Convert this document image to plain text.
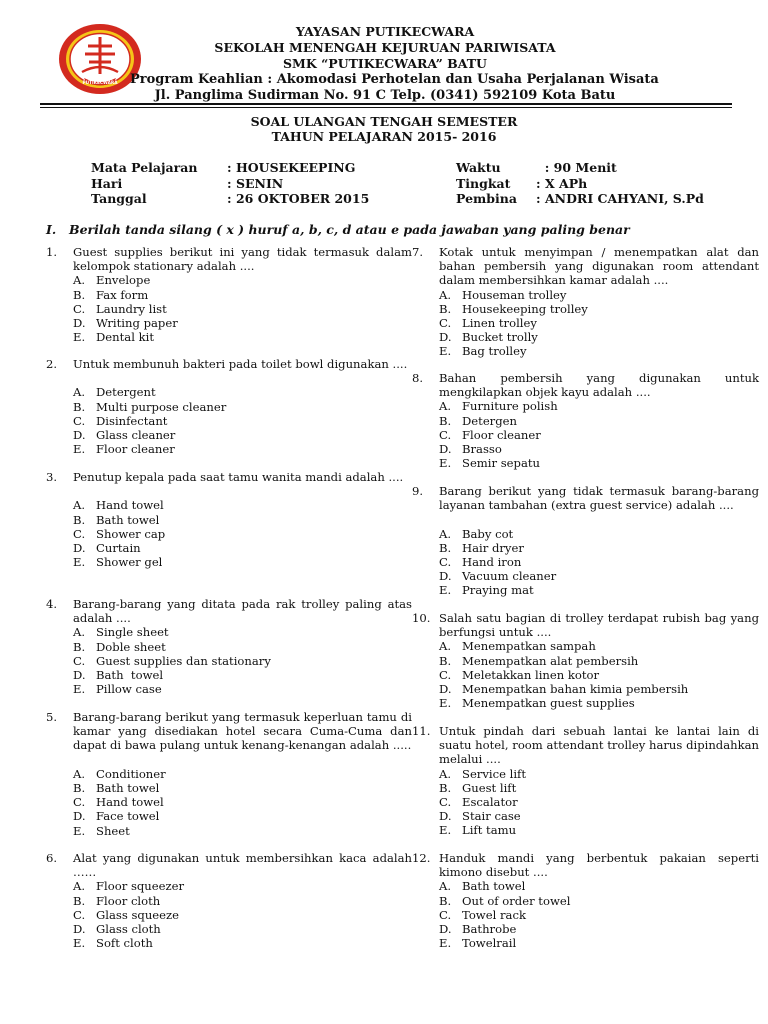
PUTIKECWARA
YAYASAN PUTIKECWARA
SEKOLAH MENENGAH KEJURUAN PARIWISATA
SMK “PUTIKECWARA” BATU
Program Keahlian : Akomodasi Perhotelan dan Usaha Perjalanan Wisata
Jl. Panglima Sudirman No. 91 C Telp. (0341) 592109 Kota Batu
SOAL ULANGAN TENGAH SEMESTER
TAHUN PELAJARAN 2015- 2016
Mata Pelajaran	: HOUSEKEEPING
Hari	: SENIN
Tanggal	: 26 OKTOBER 2015
Waktu	: 90 Menit
Tingkat	: X APh
Pembina	: ANDRI CAHYANI, S.Pd
I. Berilah tanda silang ( x ) huruf a, b, c, d atau e pada jawaban yang paling benar
1. Guest supplies berikut ini yang tidak termasuk dalam kelompok stationary adalah ....
A. Envelope
B. Fax form
C. Laundry list
D. Writing paper
E. Dental kit
2. Untuk membunuh bakteri pada toilet bowl digunakan ....
A. Detergent
B. Multi purpose cleaner
C. Disinfectant
D. Glass cleaner
E. Floor cleaner
3. Penutup kepala pada saat tamu wanita mandi adalah ....
A. Hand towel
B. Bath towel
C. Shower cap
D. Curtain
E. Shower gel
4. Barang-barang yang ditata pada rak trolley paling atas adalah ....
A. Single sheet
B. Doble sheet
C. Guest supplies dan stationary
D. Bath  towel
E. Pillow case
5. Barang-barang berikut yang termasuk keperluan tamu di kamar yang disediakan hotel secara Cuma-Cuma dan dapat di bawa pulang untuk kenang-kenangan adalah .....
A. Conditioner
B. Bath towel
C. Hand towel
D. Face towel
E. Sheet
6. Alat yang digunakan untuk membersihkan kaca adalah ……
A. Floor squeezer
B. Floor cloth
C. Glass squeeze
D. Glass cloth
E. Soft cloth
7. Kotak untuk menyimpan / menempatkan alat dan bahan pembersih yang digunakan room attendant dalam membersihkan kamar adalah ....
A. Houseman trolley
B. Housekeeping trolley
C. Linen trolley
D. Bucket trolly
E. Bag trolley
8. Bahan pembersih yang digunakan untuk mengkilapkan objek kayu adalah ....
A. Furniture polish
B. Detergen
C. Floor cleaner
D. Brasso
E. Semir sepatu
9. Barang berikut yang tidak termasuk barang-barang layanan tambahan (extra guest service) adalah ....
A. Baby cot
B. Hair dryer
C. Hand iron
D. Vacuum cleaner
E. Praying mat
10. Salah satu bagian di trolley terdapat rubish bag yang berfungsi untuk ....
A. Menempatkan sampah
B. Menempatkan alat pembersih
C. Meletakkan linen kotor
D. Menempatkan bahan kimia pembersih
E. Menempatkan guest supplies
11. Untuk pindah dari sebuah lantai ke lantai lain di suatu hotel, room attendant trolley harus dipindahkan melalui ....
A. Service lift
B. Guest lift
C. Escalator
D. Stair case
E. Lift tamu
12. Handuk mandi yang berbentuk pakaian seperti kimono disebut ....
A. Bath towel
B. Out of order towel
C. Towel rack
D. Bathrobe
E. Towelrail
